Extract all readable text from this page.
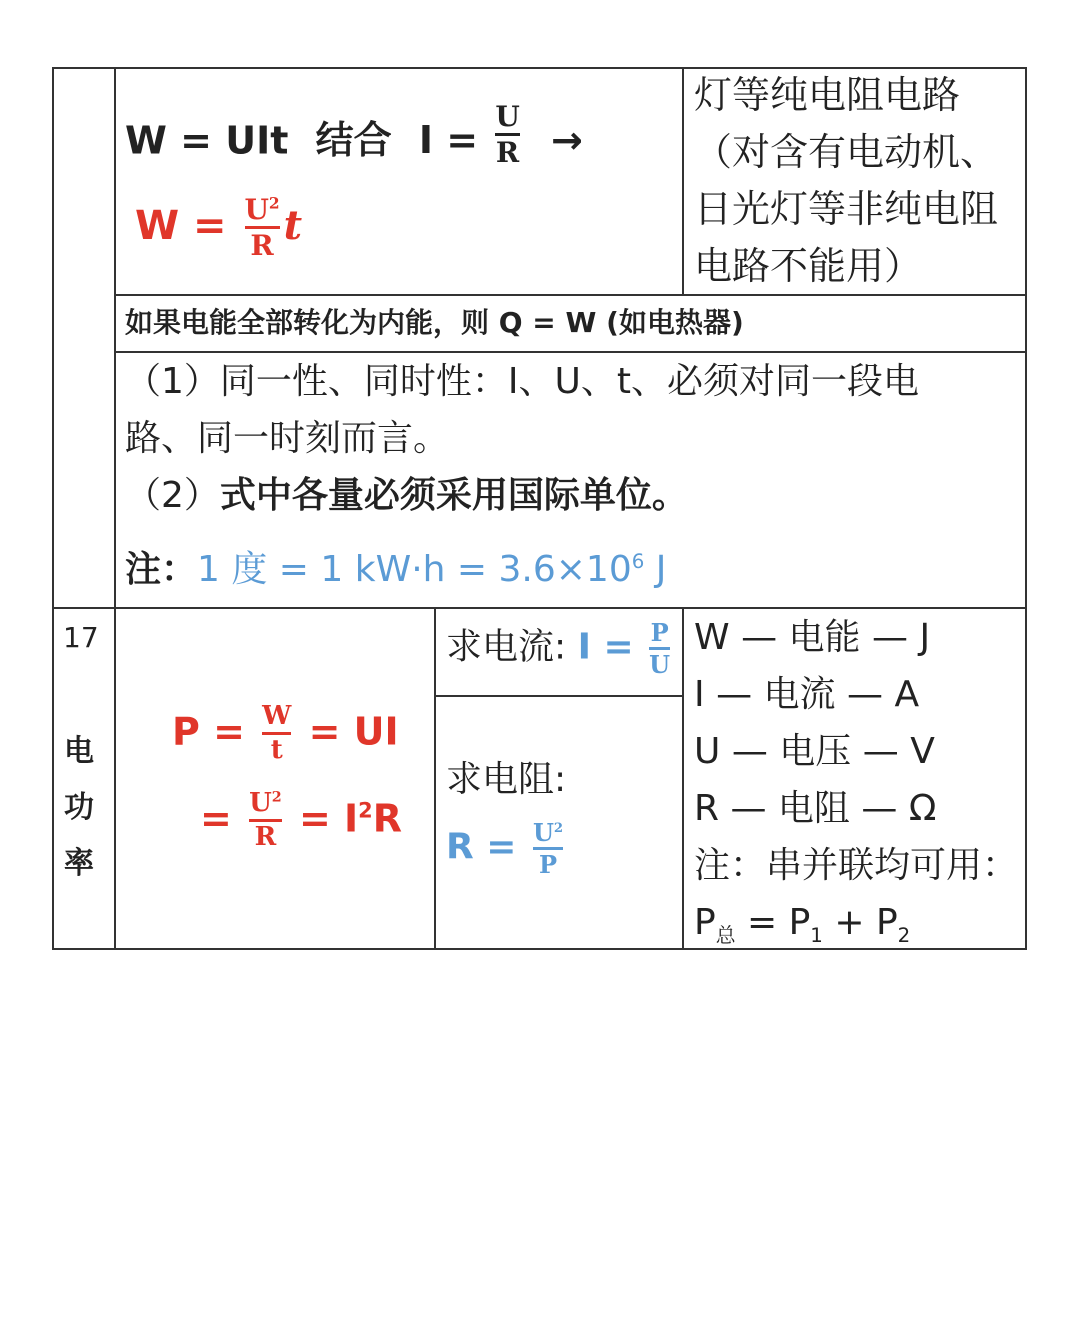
W = UIt 结合 $I = \frac{U}{R}$ →
$W = \frac{U^2}{R}$ t
灯等纯电阻电路
（对含有电动机、
日光灯等非纯电阻
电路不能用）
如果电能全部转化为内能，则 Q = W (如电热器)
（1）同一性、同时性：I、U、t、必须对同一段电
路、同一时刻而言。
（2）式中各量必须采用国际单位。
注：1 度 = 1 $kW\cdot h = 3.6\times 10^6$ J
17
电
功
率
$P = \frac{W}{t}$ = UI
= $\frac{U^2}{R} = I^2R$
求电流: $I = \frac{P}{U}$
求电阻:
$R = \frac{U^2}{P}$
W — 电能 — J
I — 电流 — A
U — 电压 — V
R — 电阻 — Ω
注：串并联均可用：
$P_总 = P_1 + P_2$
